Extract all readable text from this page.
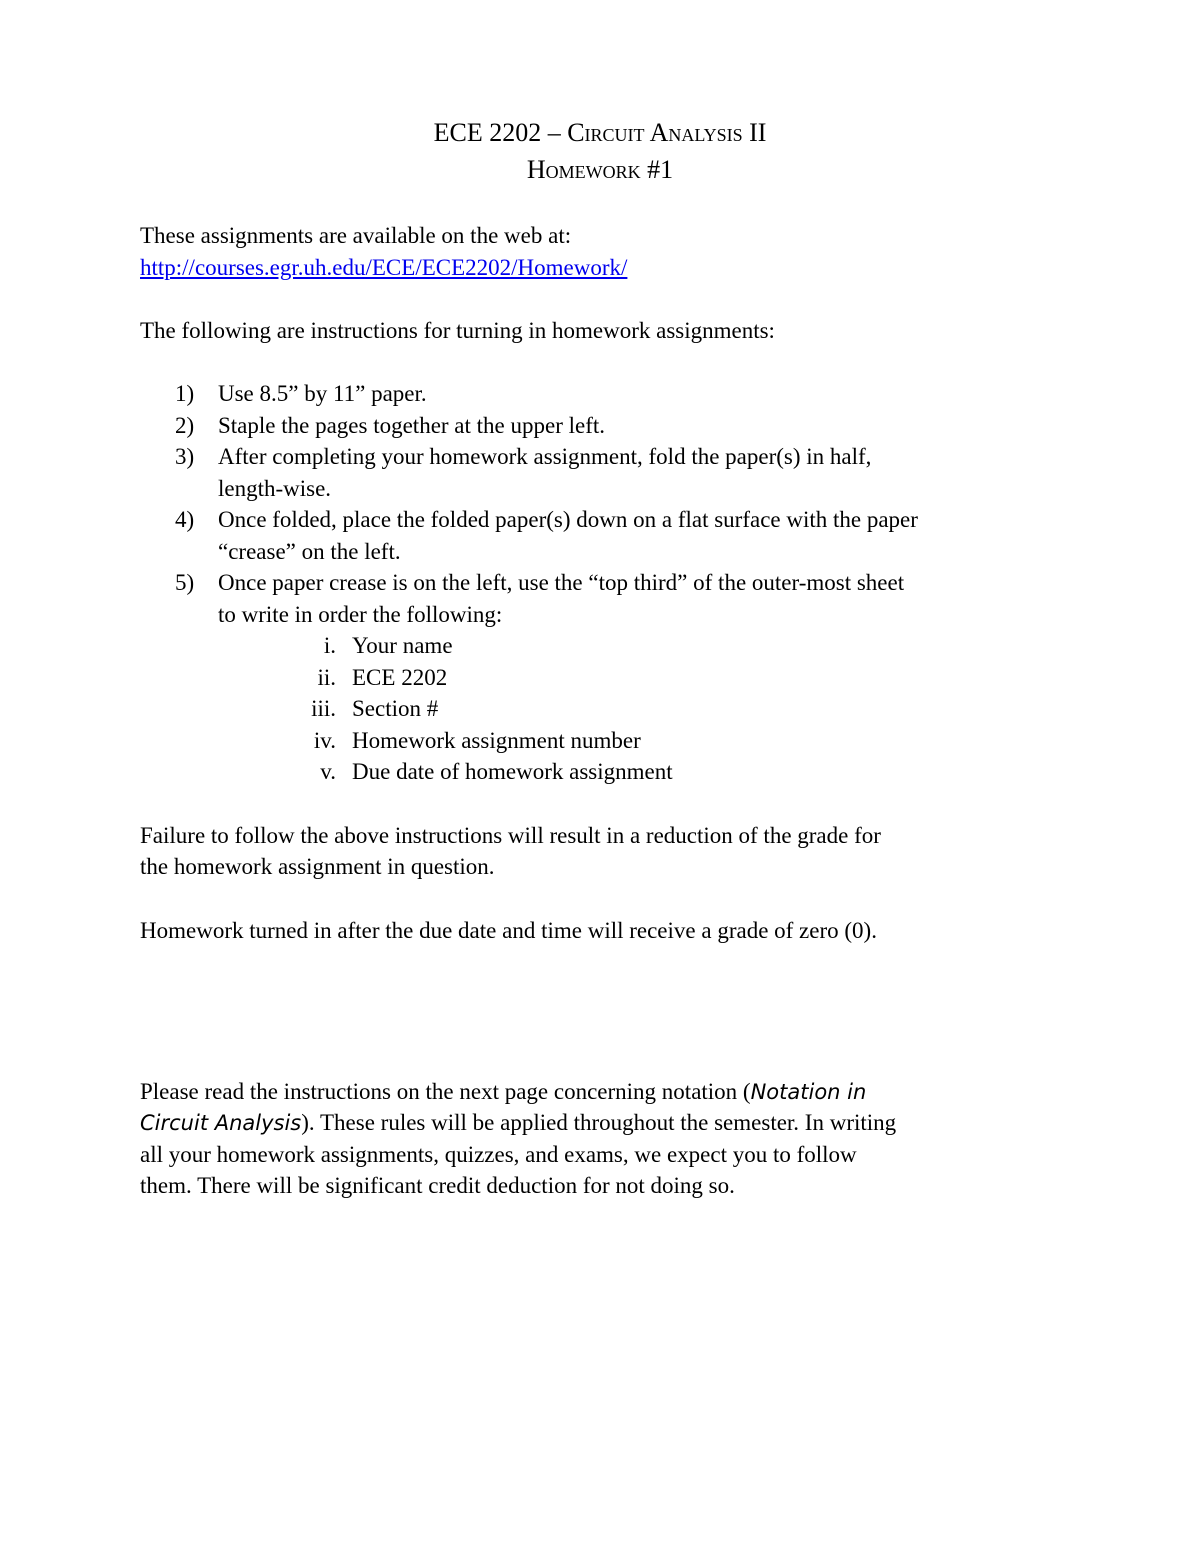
ECE 2202 – Circuit Analysis II
Homework #1
These assignments are available on the web at:
http://courses.egr.uh.edu/ECE/ECE2202/Homework/
The following are instructions for turning in homework assignments:
1) Use 8.5” by 11” paper.
2) Staple the pages together at the upper left.
3) After completing your homework assignment, fold the paper(s) in half,
length-wise.
4) Once folded, place the folded paper(s) down on a flat surface with the paper
“crease” on the left.
5) Once paper crease is on the left, use the “top third” of the outer-most sheet
to write in order the following:
i. Your name
ii. ECE 2202
iii. Section #
iv. Homework assignment number
v. Due date of homework assignment
Failure to follow the above instructions will result in a reduction of the grade for
the homework assignment in question.
Homework turned in after the due date and time will receive a grade of zero (0).
Please read the instructions on the next page concerning notation (Notation in
Circuit Analysis). These rules will be applied throughout the semester. In writing
all your homework assignments, quizzes, and exams, we expect you to follow
them. There will be significant credit deduction for not doing so.
